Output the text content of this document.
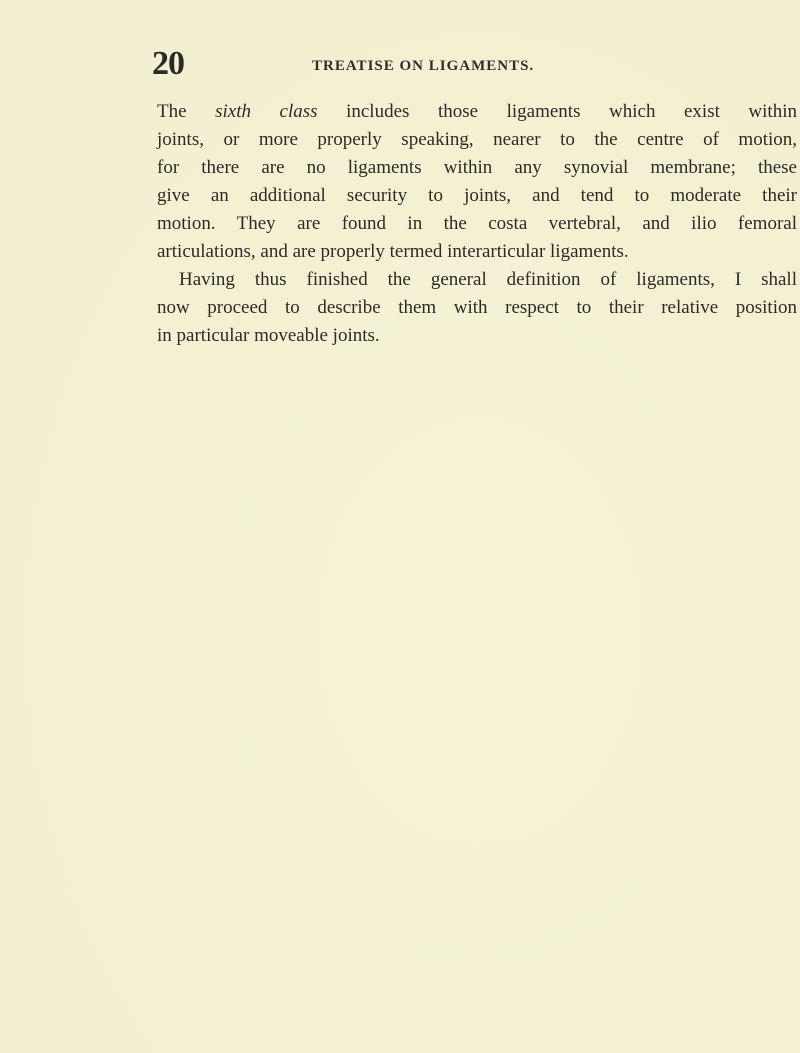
20	TREATISE ON LIGAMENTS.
The sixth class includes those ligaments which exist within
joints, or more properly speaking, nearer to the centre of motion,
for there are no ligaments within any synovial membrane; these
give an additional security to joints, and tend to moderate their
motion. They are found in the costa vertebral, and ilio femoral
articulations, and are properly termed interarticular ligaments.
Having thus finished the general definition of ligaments, I shall
now proceed to describe them with respect to their relative position
in particular moveable joints.
